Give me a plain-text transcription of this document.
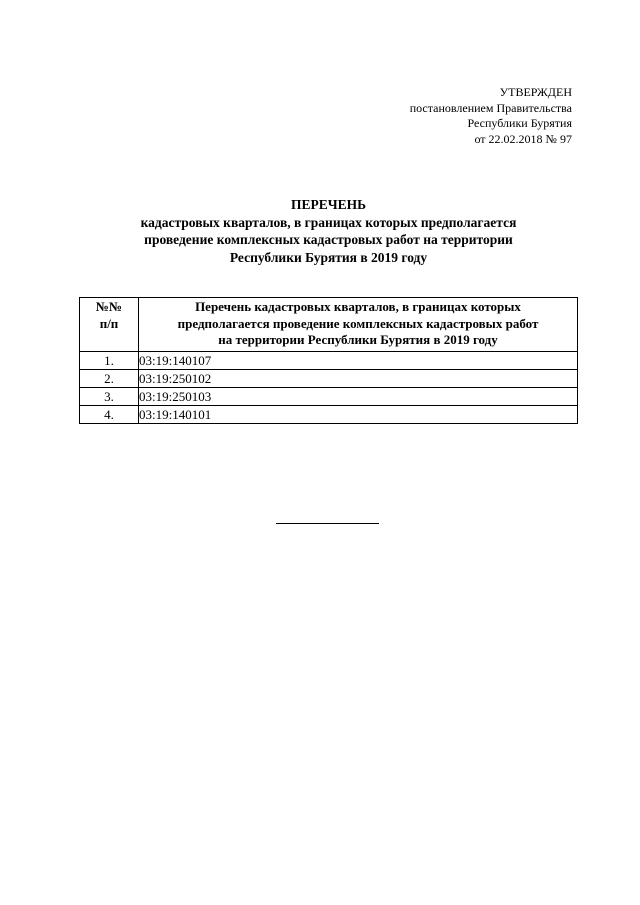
УТВЕРЖДЕН
постановлением Правительства
Республики Бурятия
от 22.02.2018 № 97
ПЕРЕЧЕНЬ
кадастровых кварталов, в границах которых предполагается
проведение комплексных кадастровых работ на территории
Республики Бурятия в 2019 году
№№
п/п	Перечень кадастровых кварталов, в границах которых
предполагается проведение комплексных кадастровых работ
на территории Республики Бурятия в 2019 году

1.	03:19:140107
2.	03:19:250102
3.	03:19:250103
4.	03:19:140101
